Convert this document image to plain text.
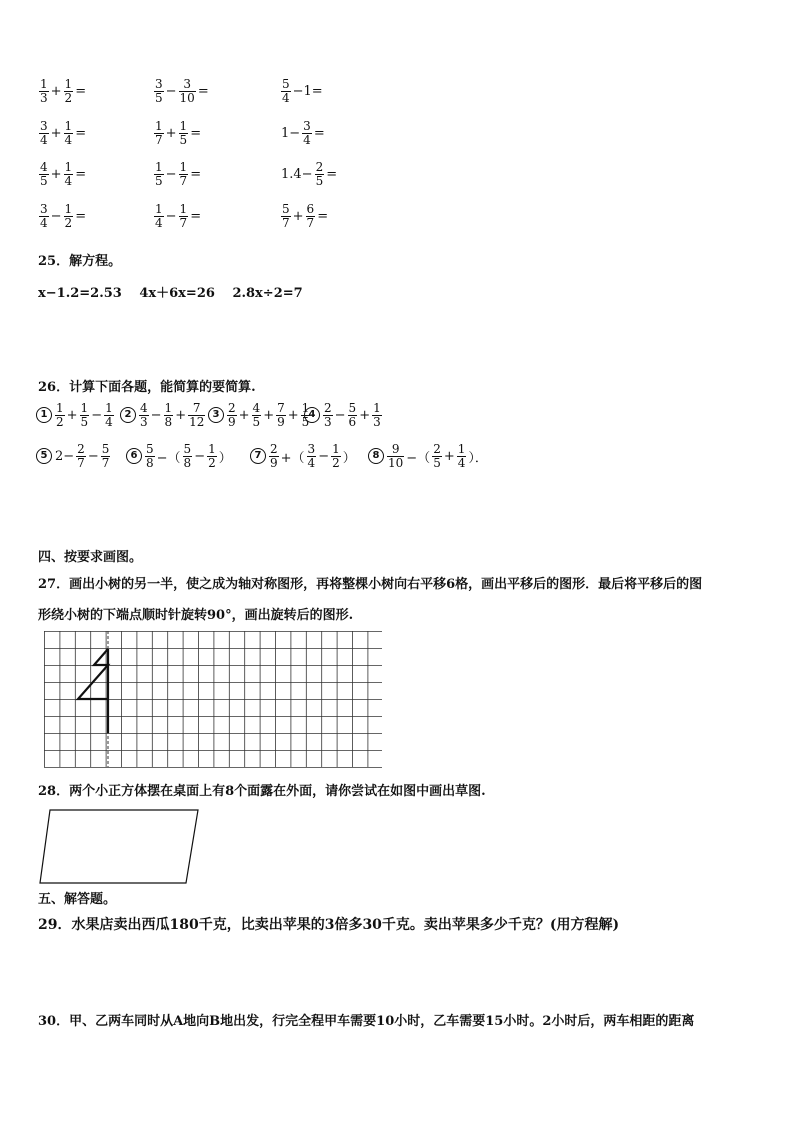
$\frac{1}{3} + \frac{1}{2}$ =	$\frac{3}{5} - \frac{3}{10}$ =	$\frac{5}{4} -1=$
$\frac{3}{4} + \frac{1}{4}$ =	$\frac{1}{7} + \frac{1}{5}$ =	$1- \frac{3}{4}$ =
$\frac{4}{5} + \frac{1}{4}$ =	$\frac{1}{5} - \frac{1}{7}$ =	$1.4- \frac{2}{5}$ =
$\frac{3}{4} - \frac{1}{2}$ =	$\frac{1}{4} - \frac{1}{7}$ =	$\frac{5}{7} + \frac{6}{7}$ =
25．解方程。
x−1.2=2.53　 4x＋6x=26　 2.8x÷2=7
26．计算下面各题，能简算的要简算.
$1 \frac{1}{2} + \frac{1}{5} - \frac{1}{4}$	$2 \frac{4}{3} - \frac{1}{8} + \frac{7}{12} 3 \frac{2}{9} + \frac{4}{5} + \frac{7}{9} + \frac{1}{5}$
$4 \frac{2}{3} - \frac{5}{6} + \frac{1}{3}$
5 $2- \frac{2}{7} - \frac{5}{7}$	$6 \frac{5}{8}$ −（ $\frac{5}{8} - \frac{1}{2}$ ）	$7 \frac{2}{9}$ +（ $\frac{3}{4} - \frac{1}{2}$ ）	$8 \frac{9}{10}$ −（ $\frac{2}{5} + \frac{1}{4}$ ）．
四、按要求画图。
27．画出小树的另一半，使之成为轴对称图形，再将整棵小树向右平移6格，画出平移后的图形．最后将平移后的图
形绕小树的下端点顺时针旋转90°，画出旋转后的图形.
28．两个小正方体摆在桌面上有8个面露在外面，请你尝试在如图中画出草图.
五、解答题。
29．水果店卖出西瓜180千克，比卖出苹果的3倍多30千克。卖出苹果多少千克？(用方程解)
30．甲、乙两车同时从A地向B地出发，行完全程甲车需要10小时，乙车需要15小时。2小时后，两车相距的距离
